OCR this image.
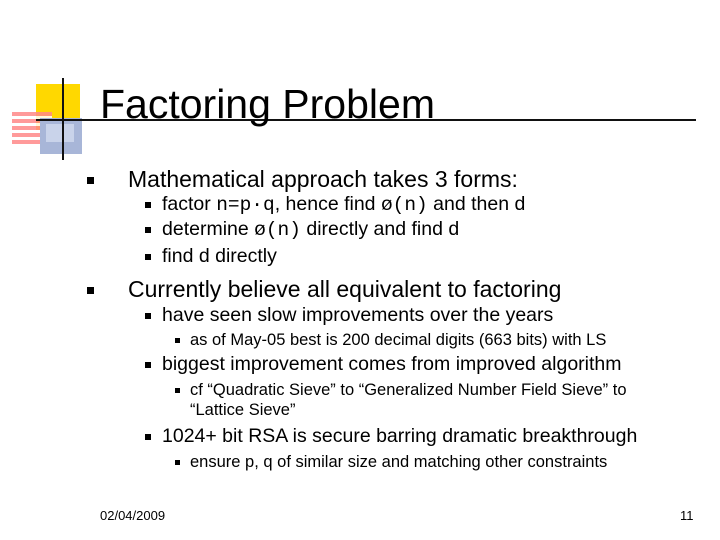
Factoring Problem
Mathematical approach takes 3 forms:
factor n=p·q, hence find ø(n) and then d
determine ø(n) directly and find d
find d directly
Currently believe all equivalent to factoring
have seen slow improvements over the years
as of May-05 best is 200 decimal digits (663 bits) with LS
biggest improvement comes from improved algorithm
cf “Quadratic Sieve” to “Generalized Number Field Sieve” to
“Lattice Sieve”
1024+ bit RSA is secure barring dramatic breakthrough
ensure p, q of similar size and matching other constraints
02/04/2009	11
